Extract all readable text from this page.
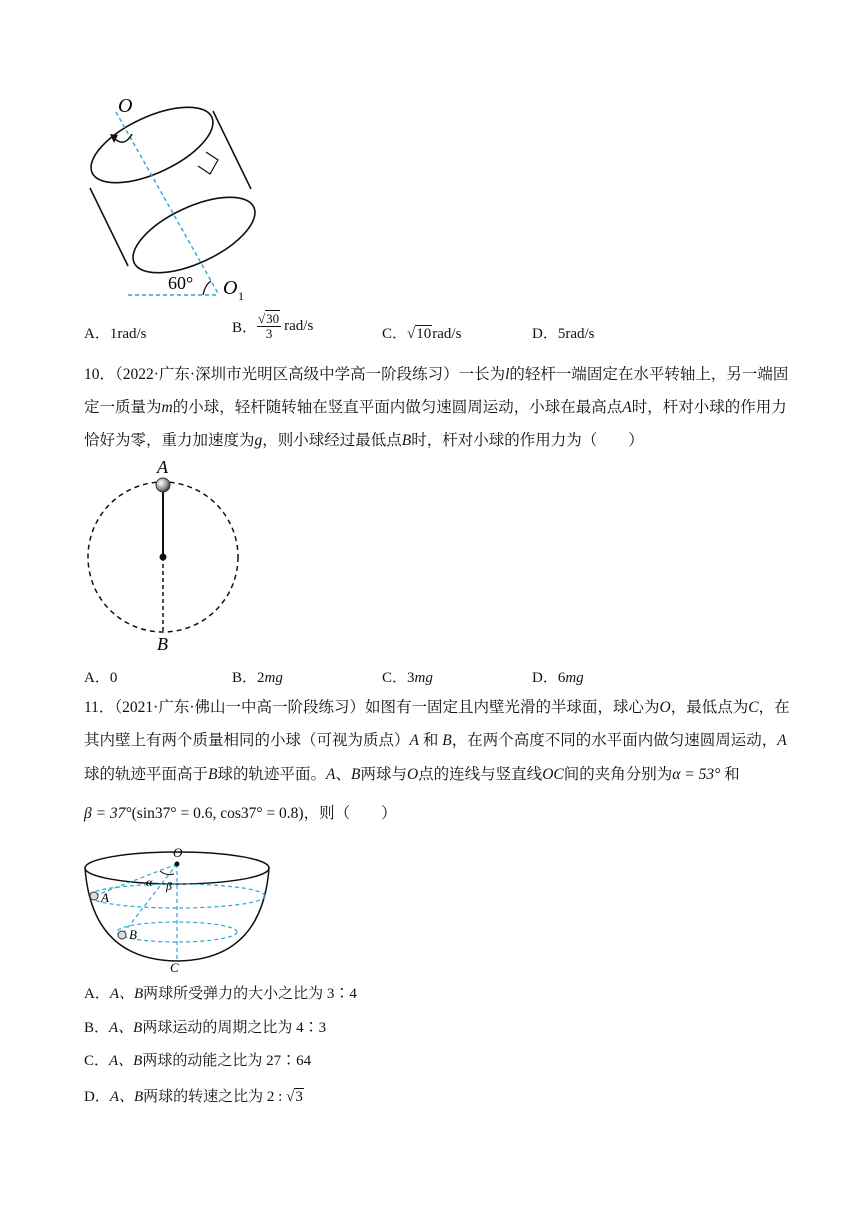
O
60° O 1
A．1rad/s	B． $\frac{√30}{3} rad/s$	C．√10rad/s	D．5rad/s
10．（2022·广东·深圳市光明区高级中学高一阶段练习）一长为l的轻杆一端固定在水平转轴上，另一端固
定一质量为m的小球，轻杆随转轴在竖直平面内做匀速圆周运动，小球在最高点A时，杆对小球的作用力
恰好为零，重力加速度为g，则小球经过最低点B时，杆对小球的作用力为（　　）
A
B
A．0	B．2mg	C．3mg	D．6mg
11．（2021·广东·佛山一中高一阶段练习）如图有一固定且内壁光滑的半球面，球心为O，最低点为C，在
其内壁上有两个质量相同的小球（可视为质点）A 和 B，在两个高度不同的水平面内做匀速圆周运动，A
球的轨迹平面高于B球的轨迹平面。A、B两球与O点的连线与竖直线OC间的夹角分别为α = 53° 和
β = 37°(sin37° = 0.6, cos37° = 0.8)，则（　　）
O
α β
A
B
C
A．A、B两球所受弹力的大小之比为 3∶4
B．A、B两球运动的周期之比为 4∶3
C．A、B两球的动能之比为 27∶64
D．A、B两球的转速之比为 2 : √3
